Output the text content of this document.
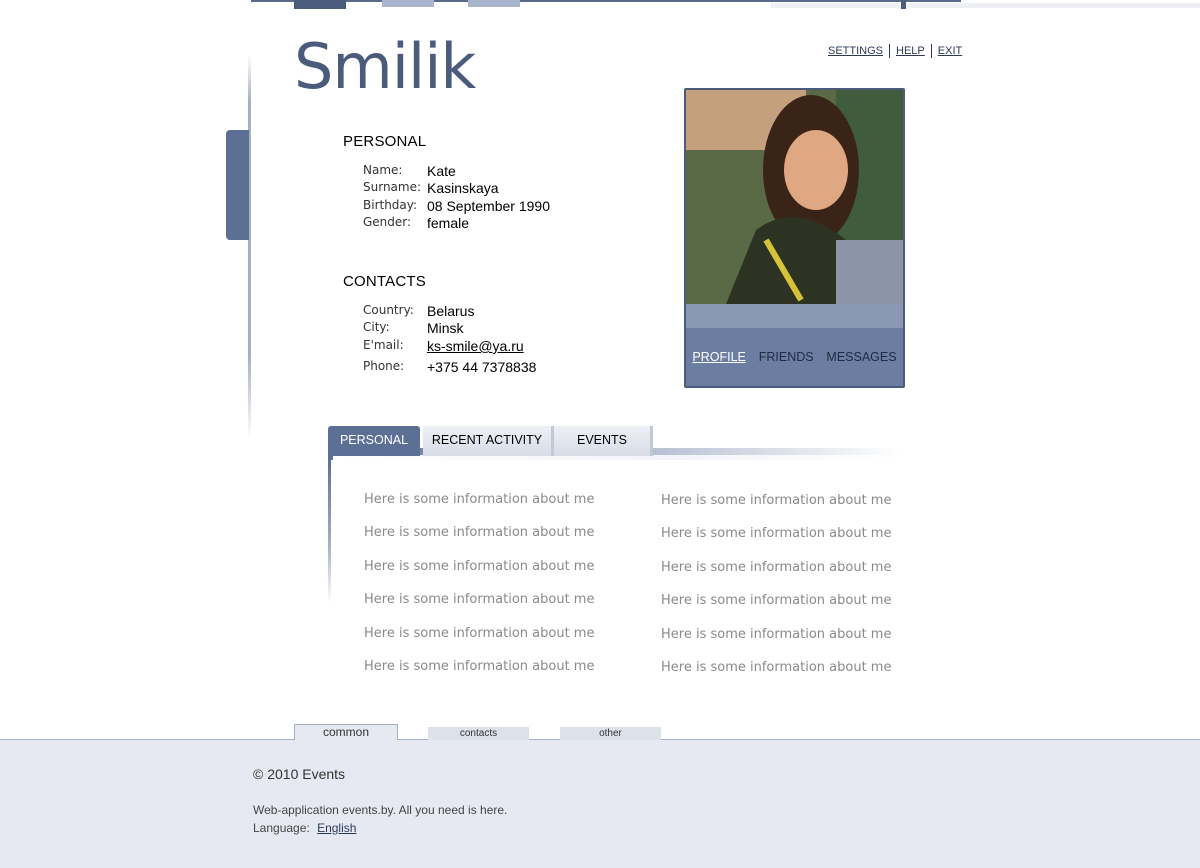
Smilik	SETTINGS	HELP	EXIT
PERSONAL
Name:	Kate
Surname: Kasinskaya
Birthday: 08 September 1990
Gender:	female
CONTACTS
Country: Belarus
City:	Minsk
E'mail:	ks-smile@ya.ru
Phone:	+375 44 7378838
PROFILE FRIENDS MESSAGES
PERSONAL	RECENT ACTIVITY	EVENTS
Here is some information about me	Here is some information about me
Here is some information about me	Here is some information about me
Here is some information about me	Here is some information about me
Here is some information about me	Here is some information about me
Here is some information about me	Here is some information about me
Here is some information about me	Here is some information about me
common	contacts	other
© 2010 Events
Web-application events.by. All you need is here.
Language: English
